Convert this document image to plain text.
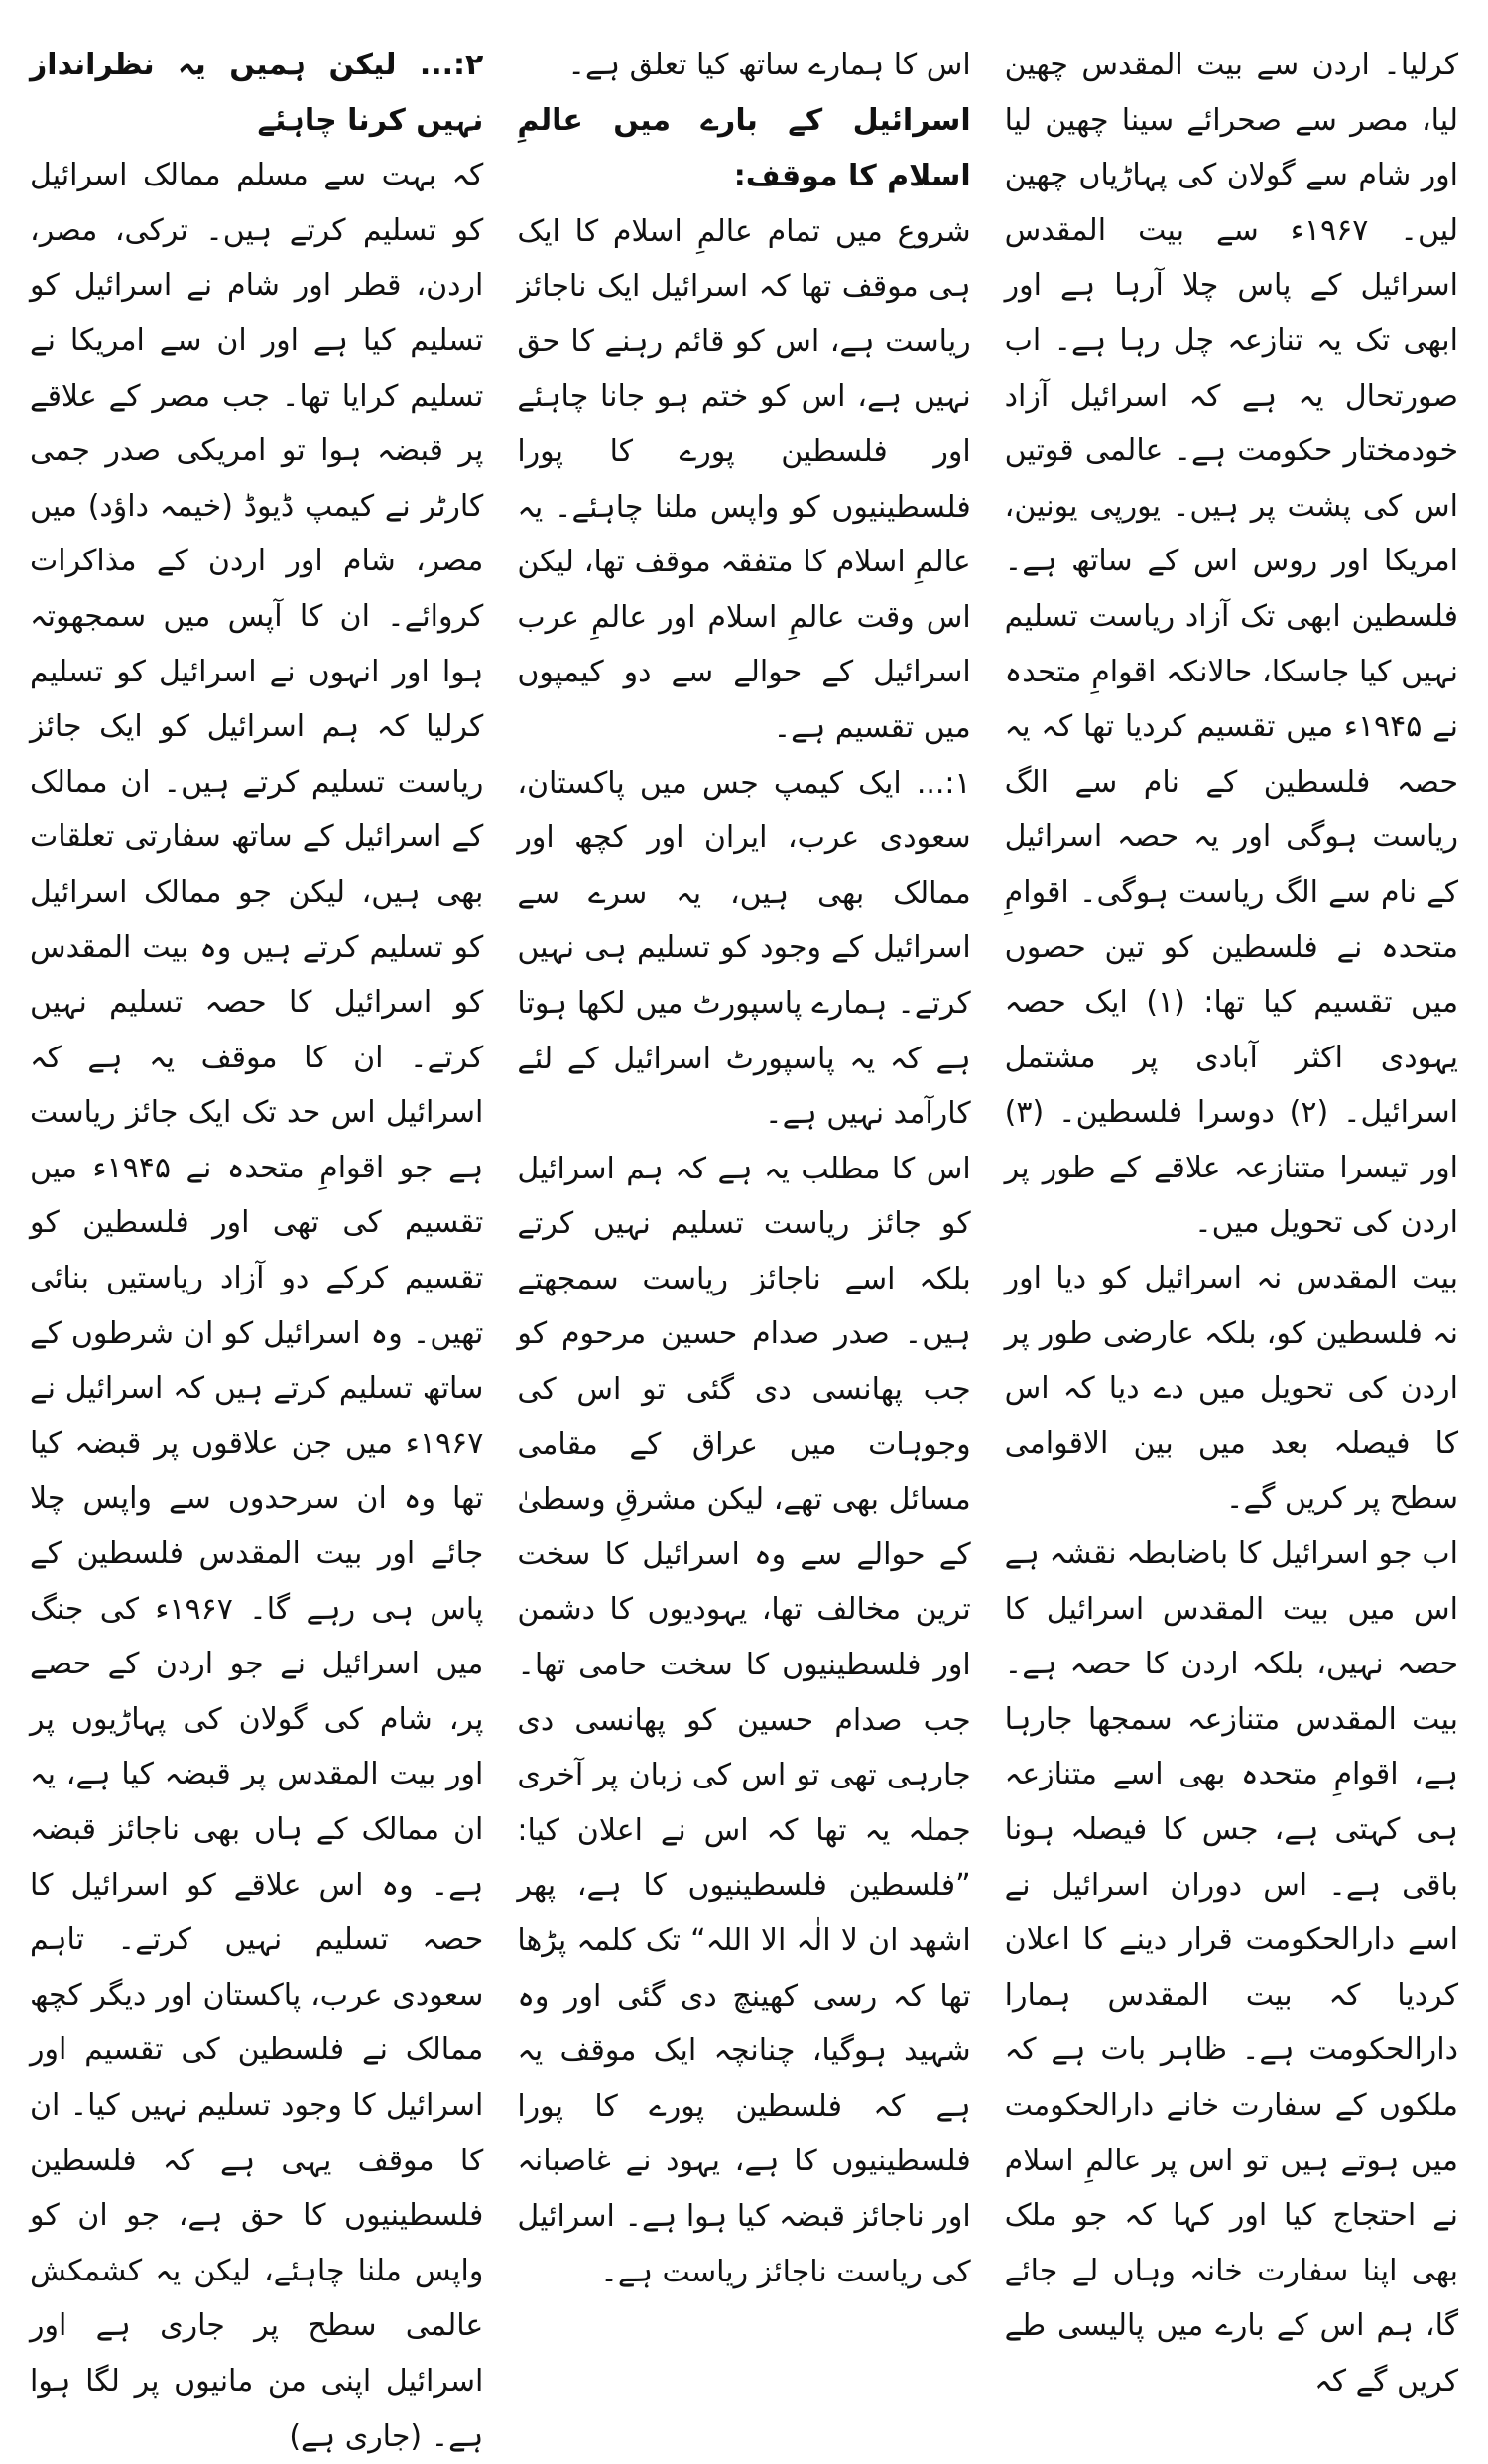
کرلیا۔ اردن سے بیت المقدس چھین لیا، مصر سے صحرائے سینا چھین لیا اور شام سے گولان کی پہاڑیاں چھین لیں۔ ۱۹۶۷ء سے بیت المقدس اسرائیل کے پاس چلا آرہا ہے اور ابھی تک یہ تنازعہ چل رہا ہے۔ اب صورتحال یہ ہے کہ اسرائیل آزاد خودمختار حکومت ہے۔ عالمی قوتیں اس کی پشت پر ہیں۔ یورپی یونین، امریکا اور روس اس کے ساتھ ہے۔ فلسطین ابھی تک آزاد ریاست تسلیم نہیں کیا جاسکا، حالانکہ اقوامِ متحدہ نے ۱۹۴۵ء میں تقسیم کردیا تھا کہ یہ حصہ فلسطین کے نام سے الگ ریاست ہوگی اور یہ حصہ اسرائیل کے نام سے الگ ریاست ہوگی۔ اقوامِ متحدہ نے فلسطین کو تین حصوں میں تقسیم کیا تھا: (۱) ایک حصہ یہودی اکثر آبادی پر مشتمل اسرائیل۔ (۲) دوسرا فلسطین۔ (۳) اور تیسرا متنازعہ علاقے کے طور پر اردن کی تحویل میں۔

بیت المقدس نہ اسرائیل کو دیا اور نہ فلسطین کو، بلکہ عارضی طور پر اردن کی تحویل میں دے دیا کہ اس کا فیصلہ بعد میں بین الاقوامی سطح پر کریں گے۔

اب جو اسرائیل کا باضابطہ نقشہ ہے اس میں بیت المقدس اسرائیل کا حصہ نہیں، بلکہ اردن کا حصہ ہے۔ بیت المقدس متنازعہ سمجھا جارہا ہے، اقوامِ متحدہ بھی اسے متنازعہ ہی کہتی ہے، جس کا فیصلہ ہونا باقی ہے۔ اس دوران اسرائیل نے اسے دارالحکومت قرار دینے کا اعلان کردیا کہ بیت المقدس ہمارا دارالحکومت ہے۔ ظاہر بات ہے کہ ملکوں کے سفارت خانے دارالحکومت میں ہوتے ہیں تو اس پر عالمِ اسلام نے احتجاج کیا اور کہا کہ جو ملک بھی اپنا سفارت خانہ وہاں لے جائے گا، ہم اس کے بارے میں پالیسی طے کریں گے کہ

اس کا ہمارے ساتھ کیا تعلق ہے۔

اسرائیل کے بارے میں عالمِ اسلام کا موقف:

شروع میں تمام عالمِ اسلام کا ایک ہی موقف تھا کہ اسرائیل ایک ناجائز ریاست ہے، اس کو قائم رہنے کا حق نہیں ہے، اس کو ختم ہو جانا چاہئے اور فلسطین پورے کا پورا فلسطینیوں کو واپس ملنا چاہئے۔ یہ عالمِ اسلام کا متفقہ موقف تھا، لیکن اس وقت عالمِ اسلام اور عالمِ عرب اسرائیل کے حوالے سے دو کیمپوں میں تقسیم ہے۔

۱:... ایک کیمپ جس میں پاکستان، سعودی عرب، ایران اور کچھ اور ممالک بھی ہیں، یہ سرے سے اسرائیل کے وجود کو تسلیم ہی نہیں کرتے۔ ہمارے پاسپورٹ میں لکھا ہوتا ہے کہ یہ پاسپورٹ اسرائیل کے لئے کارآمد نہیں ہے۔

اس کا مطلب یہ ہے کہ ہم اسرائیل کو جائز ریاست تسلیم نہیں کرتے بلکہ اسے ناجائز ریاست سمجھتے ہیں۔ صدر صدام حسین مرحوم کو جب پھانسی دی گئی تو اس کی وجوہات میں عراق کے مقامی مسائل بھی تھے، لیکن مشرقِ وسطیٰ کے حوالے سے وہ اسرائیل کا سخت ترین مخالف تھا، یہودیوں کا دشمن اور فلسطینیوں کا سخت حامی تھا۔ جب صدام حسین کو پھانسی دی جارہی تھی تو اس کی زبان پر آخری جملہ یہ تھا کہ اس نے اعلان کیا: ”فلسطین فلسطینیوں کا ہے، پھر اشھد ان لا الٰہ الا اللہ“ تک کلمہ پڑھا تھا کہ رسی کھینچ دی گئی اور وہ شہید ہوگیا، چنانچہ ایک موقف یہ ہے کہ فلسطین پورے کا پورا فلسطینیوں کا ہے، یہود نے غاصبانہ اور ناجائز قبضہ کیا ہوا ہے۔ اسرائیل کی ریاست ناجائز ریاست ہے۔

۲:... لیکن ہمیں یہ نظرانداز نہیں کرنا چاہئے

کہ بہت سے مسلم ممالک اسرائیل کو تسلیم کرتے ہیں۔ ترکی، مصر، اردن، قطر اور شام نے اسرائیل کو تسلیم کیا ہے اور ان سے امریکا نے تسلیم کرایا تھا۔ جب مصر کے علاقے پر قبضہ ہوا تو امریکی صدر جمی کارٹر نے کیمپ ڈیوڈ (خیمہ داؤد) میں مصر، شام اور اردن کے مذاکرات کروائے۔ ان کا آپس میں سمجھوتہ ہوا اور انہوں نے اسرائیل کو تسلیم کرلیا کہ ہم اسرائیل کو ایک جائز ریاست تسلیم کرتے ہیں۔ ان ممالک کے اسرائیل کے ساتھ سفارتی تعلقات بھی ہیں، لیکن جو ممالک اسرائیل کو تسلیم کرتے ہیں وہ بیت المقدس کو اسرائیل کا حصہ تسلیم نہیں کرتے۔ ان کا موقف یہ ہے کہ اسرائیل اس حد تک ایک جائز ریاست ہے جو اقوامِ متحدہ نے ۱۹۴۵ء میں تقسیم کی تھی اور فلسطین کو تقسیم کرکے دو آزاد ریاستیں بنائی تھیں۔ وہ اسرائیل کو ان شرطوں کے ساتھ تسلیم کرتے ہیں کہ اسرائیل نے ۱۹۶۷ء میں جن علاقوں پر قبضہ کیا تھا وہ ان سرحدوں سے واپس چلا جائے اور بیت المقدس فلسطین کے پاس ہی رہے گا۔ ۱۹۶۷ء کی جنگ میں اسرائیل نے جو اردن کے حصے پر، شام کی گولان کی پہاڑیوں پر اور بیت المقدس پر قبضہ کیا ہے، یہ ان ممالک کے ہاں بھی ناجائز قبضہ ہے۔ وہ اس علاقے کو اسرائیل کا حصہ تسلیم نہیں کرتے۔ تاہم سعودی عرب، پاکستان اور دیگر کچھ ممالک نے فلسطین کی تقسیم اور اسرائیل کا وجود تسلیم نہیں کیا۔ ان کا موقف یہی ہے کہ فلسطین فلسطینیوں کا حق ہے، جو ان کو واپس ملنا چاہئے، لیکن یہ کشمکش عالمی سطح پر جاری ہے اور اسرائیل اپنی من مانیوں پر لگا ہوا ہے۔ (جاری ہے)
